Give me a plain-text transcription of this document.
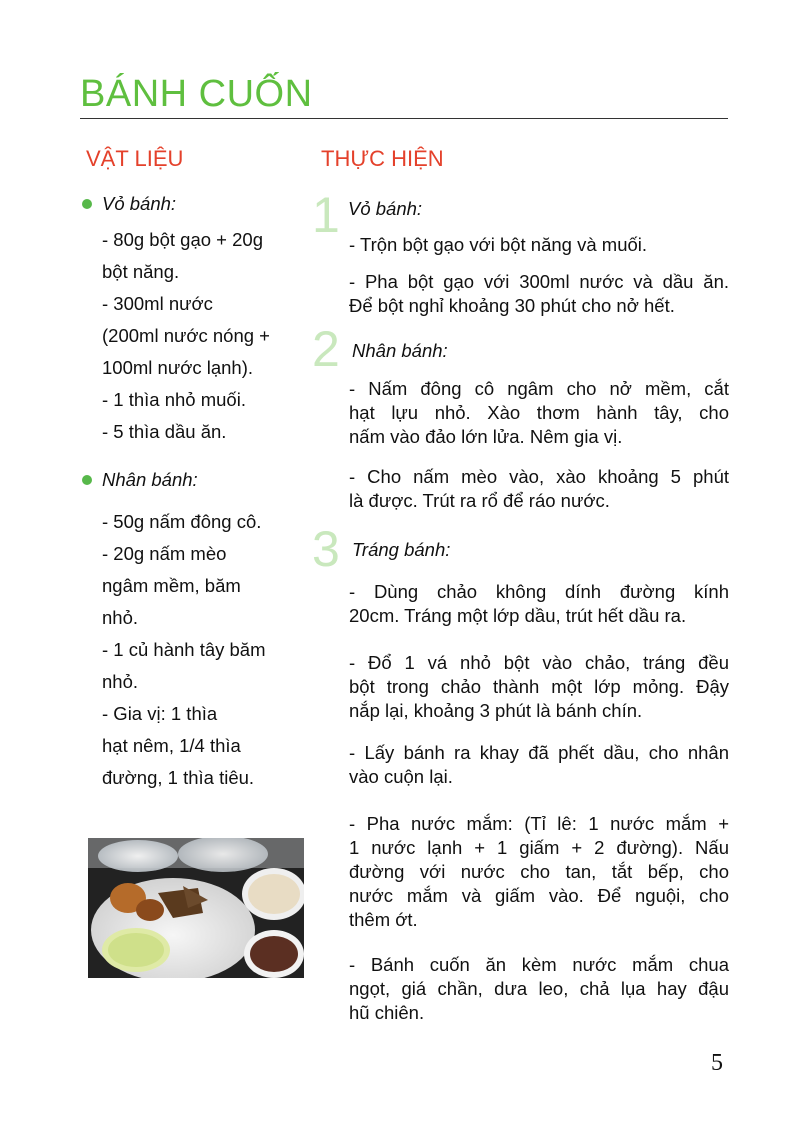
BÁNH CUỐN
VẬT LIỆU	THỰC HIỆN
Vỏ bánh:
- 80g bột gạo + 20g
bột năng.
- 300ml nước
(200ml nước nóng +
100ml nước lạnh).
- 1 thìa nhỏ muối.
- 5 thìa dầu ăn.
Nhân bánh:
- 50g nấm đông cô.
- 20g nấm mèo
ngâm mềm, băm
nhỏ.
- 1 củ hành tây băm
nhỏ.
- Gia vị: 1 thìa
hạt nêm, 1/4 thìa
đường, 1 thìa tiêu.
1 Vỏ bánh:
- Trộn bột gạo với bột năng và muối.
- Pha bột gạo với 300ml nước và dầu ăn.
Để bột nghỉ khoảng 30 phút cho nở hết.
2 Nhân bánh:
- Nấm đông cô ngâm cho nở mềm, cắt
hạt lựu nhỏ. Xào thơm hành tây, cho
nấm vào đảo lớn lửa. Nêm gia vị.
- Cho nấm mèo vào, xào khoảng 5 phút
là được. Trút ra rổ để ráo nước.
3 Tráng bánh:
- Dùng chảo không dính đường kính
20cm. Tráng một lớp dầu, trút hết dầu ra.
- Đổ 1 vá nhỏ bột vào chảo, tráng đều
bột trong chảo thành một lớp mỏng. Đậy
nắp lại, khoảng 3 phút là bánh chín.
- Lấy bánh ra khay đã phết dầu, cho nhân
vào cuộn lại.
- Pha nước mắm: (Tỉ lê: 1 nước mắm +
1 nước lạnh + 1 giấm + 2 đường). Nấu
đường với nước cho tan, tắt bếp, cho
nước mắm và giấm vào. Để nguội, cho
thêm ớt.
- Bánh cuốn ăn kèm nước mắm chua
ngọt, giá chần, dưa leo, chả lụa hay đậu
hũ chiên.
5
